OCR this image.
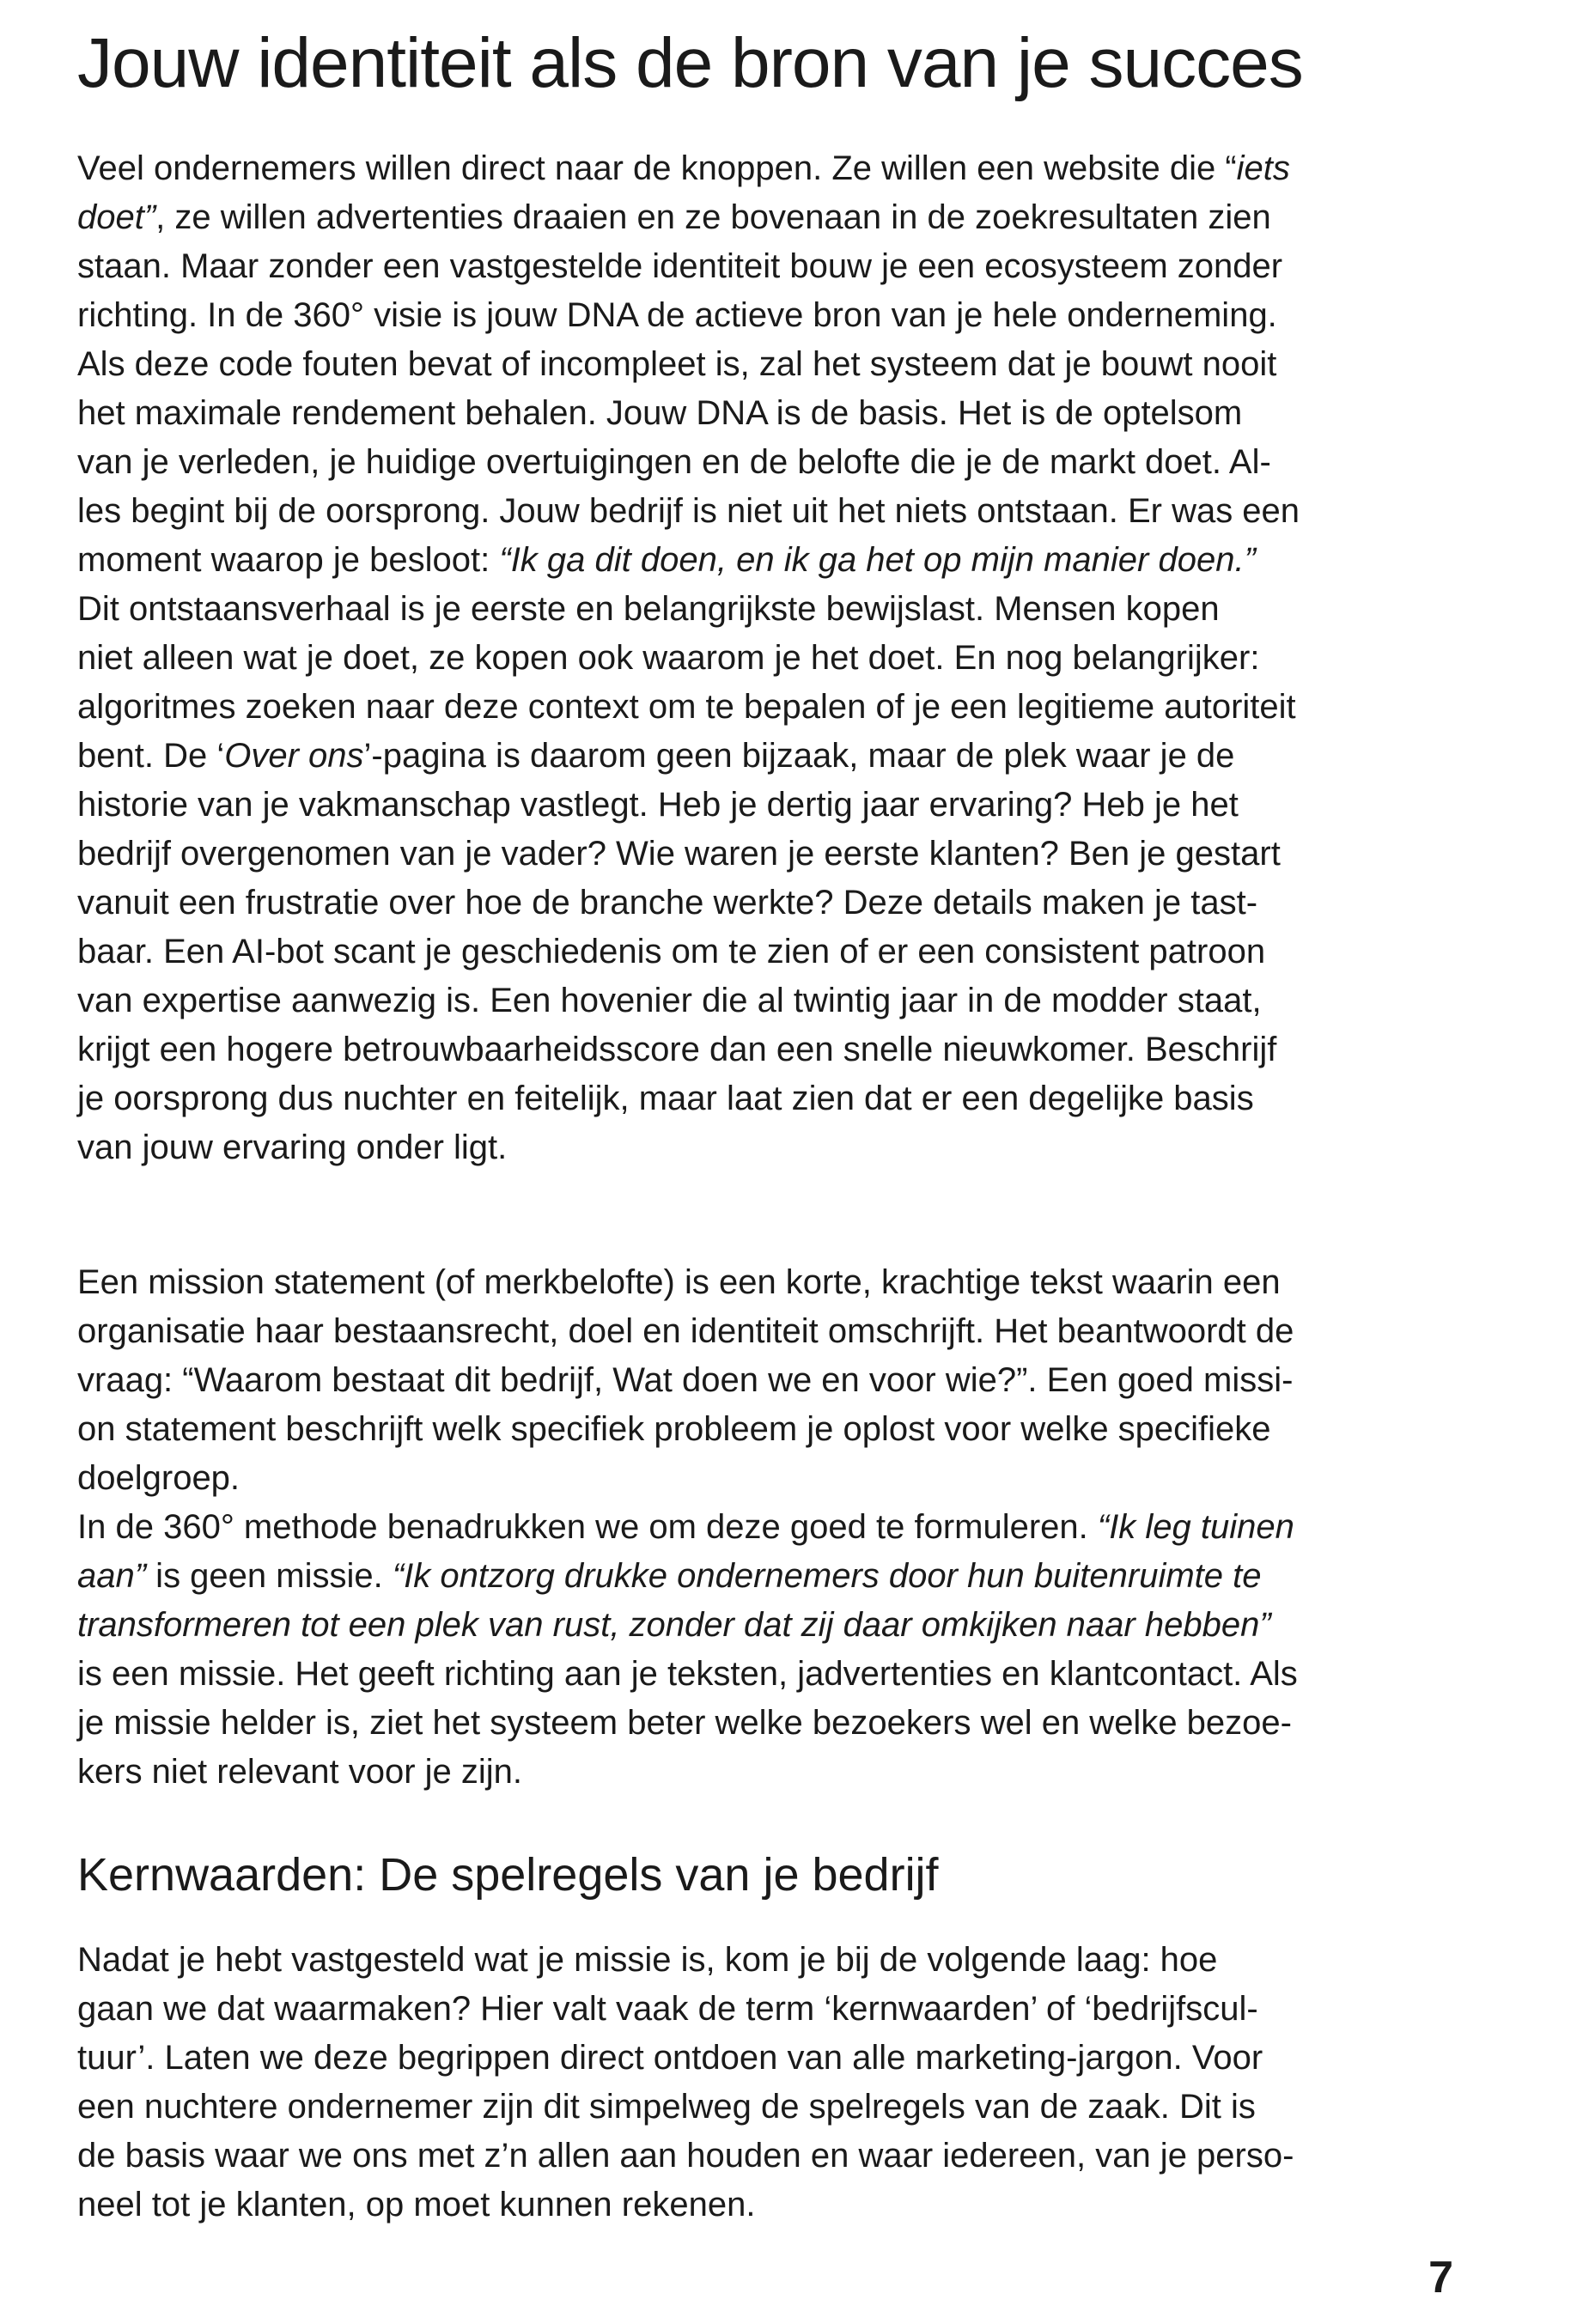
Jouw identiteit als de bron van je succes
Veel ondernemers willen direct naar de knoppen. Ze willen een website die “iets
doet”, ze willen advertenties draaien en ze bovenaan in de zoekresultaten zien
staan. Maar zonder een vastgestelde identiteit bouw je een ecosysteem zonder
richting. In de 360° visie is jouw DNA de actieve bron van je hele onderneming.
Als deze code fouten bevat of incompleet is, zal het systeem dat je bouwt nooit
het maximale rendement behalen. Jouw DNA is de basis. Het is de optelsom
van je verleden, je huidige overtuigingen en de belofte die je de markt doet. Al-
les begint bij de oorsprong. Jouw bedrijf is niet uit het niets ontstaan. Er was een
moment waarop je besloot: “Ik ga dit doen, en ik ga het op mijn manier doen.”
Dit ontstaansverhaal is je eerste en belangrijkste bewijslast. Mensen kopen
niet alleen wat je doet, ze kopen ook waarom je het doet. En nog belangrijker:
algoritmes zoeken naar deze context om te bepalen of je een legitieme autoriteit
bent. De ‘Over ons’-pagina is daarom geen bijzaak, maar de plek waar je de
historie van je vakmanschap vastlegt. Heb je dertig jaar ervaring? Heb je het
bedrijf overgenomen van je vader? Wie waren je eerste klanten? Ben je gestart
vanuit een frustratie over hoe de branche werkte? Deze details maken je tast-
baar. Een AI-bot scant je geschiedenis om te zien of er een consistent patroon
van expertise aanwezig is. Een hovenier die al twintig jaar in de modder staat,
krijgt een hogere betrouwbaarheidsscore dan een snelle nieuwkomer. Beschrijf
je oorsprong dus nuchter en feitelijk, maar laat zien dat er een degelijke basis
van jouw ervaring onder ligt.
Een mission statement (of merkbelofte) is een korte, krachtige tekst waarin een
organisatie haar bestaansrecht, doel en identiteit omschrijft. Het beantwoordt de
vraag: “Waarom bestaat dit bedrijf, Wat doen we en voor wie?”. Een goed missi-
on statement beschrijft welk specifiek probleem je oplost voor welke specifieke
doelgroep.
In de 360° methode benadrukken we om deze goed te formuleren. “Ik leg tuinen
aan” is geen missie. “Ik ontzorg drukke ondernemers door hun buitenruimte te
transformeren tot een plek van rust, zonder dat zij daar omkijken naar hebben”
is een missie. Het geeft richting aan je teksten, jadvertenties en klantcontact. Als
je missie helder is, ziet het systeem beter welke bezoekers wel en welke bezoe-
kers niet relevant voor je zijn.
Kernwaarden: De spelregels van je bedrijf
Nadat je hebt vastgesteld wat je missie is, kom je bij de volgende laag: hoe
gaan we dat waarmaken? Hier valt vaak de term ‘kernwaarden’ of ‘bedrijfscul-
tuur’. Laten we deze begrippen direct ontdoen van alle marketing-jargon. Voor
een nuchtere ondernemer zijn dit simpelweg de spelregels van de zaak. Dit is
de basis waar we ons met z’n allen aan houden en waar iedereen, van je perso-
neel tot je klanten, op moet kunnen rekenen.
7
